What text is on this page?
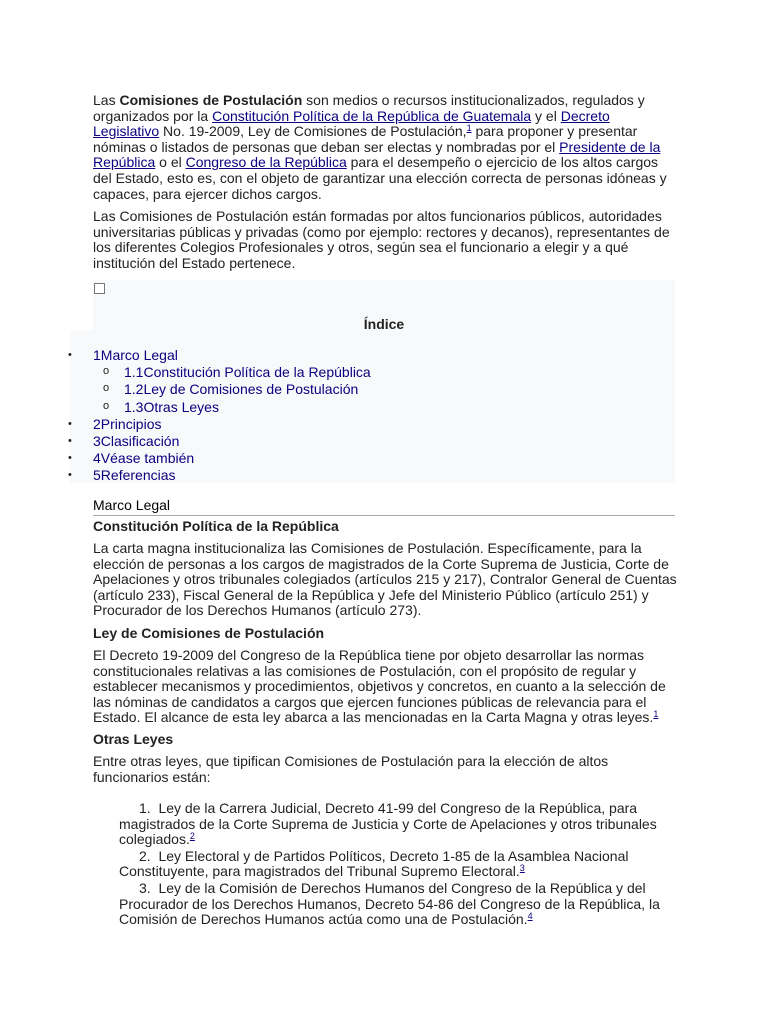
Las Comisiones de Postulación son medios o recursos institucionalizados, regulados y organizados por la Constitución Política de la República de Guatemala y el Decreto Legislativo No. 19-2009, Ley de Comisiones de Postulación,$^1$ para proponer y presentar nóminas o listados de personas que deban ser electas y nombradas por el Presidente de la República o el Congreso de la República para el desempeño o ejercicio de los altos cargos del Estado, esto es, con el objeto de garantizar una elección correcta de personas idóneas y capaces, para ejercer dichos cargos.

Las Comisiones de Postulación están formadas por altos funcionarios públicos, autoridades universitarias públicas y privadas (como por ejemplo: rectores y decanos), representantes de los diferentes Colegios Profesionales y otros, según sea el funcionario a elegir y a qué institución del Estado pertenece.

Índice
• 1Marco Legal
o 1.1Constitución Política de la República
o 1.2Ley de Comisiones de Postulación
o 1.3Otras Leyes
• 2Principios
• 3Clasificación
• 4Véase también
• 5Referencias
Marco Legal

Constitución Política de la República

La carta magna institucionaliza las Comisiones de Postulación. Específicamente, para la elección de personas a los cargos de magistrados de la Corte Suprema de Justicia, Corte de Apelaciones y otros tribunales colegiados (artículos 215 y 217), Contralor General de Cuentas (artículo 233), Fiscal General de la República y Jefe del Ministerio Público (artículo 251) y Procurador de los Derechos Humanos (artículo 273).

Ley de Comisiones de Postulación

El Decreto 19-2009 del Congreso de la República tiene por objeto desarrollar las normas constitucionales relativas a las comisiones de Postulación, con el propósito de regular y establecer mecanismos y procedimientos, objetivos y concretos, en cuanto a la selección de las nóminas de candidatos a cargos que ejercen funciones públicas de relevancia para el Estado. El alcance de esta ley abarca a las mencionadas en la Carta Magna y otras leyes.$^1$

Otras Leyes

Entre otras leyes, que tipifican Comisiones de Postulación para la elección de altos funcionarios están:

1. Ley de la Carrera Judicial, Decreto 41-99 del Congreso de la República, para magistrados de la Corte Suprema de Justicia y Corte de Apelaciones y otros tribunales colegiados.$^2$
2. Ley Electoral y de Partidos Políticos, Decreto 1-85 de la Asamblea Nacional Constituyente, para magistrados del Tribunal Supremo Electoral.$^3$
3. Ley de la Comisión de Derechos Humanos del Congreso de la República y del Procurador de los Derechos Humanos, Decreto 54-86 del Congreso de la República, la Comisión de Derechos Humanos actúa como una de Postulación.$^4$
